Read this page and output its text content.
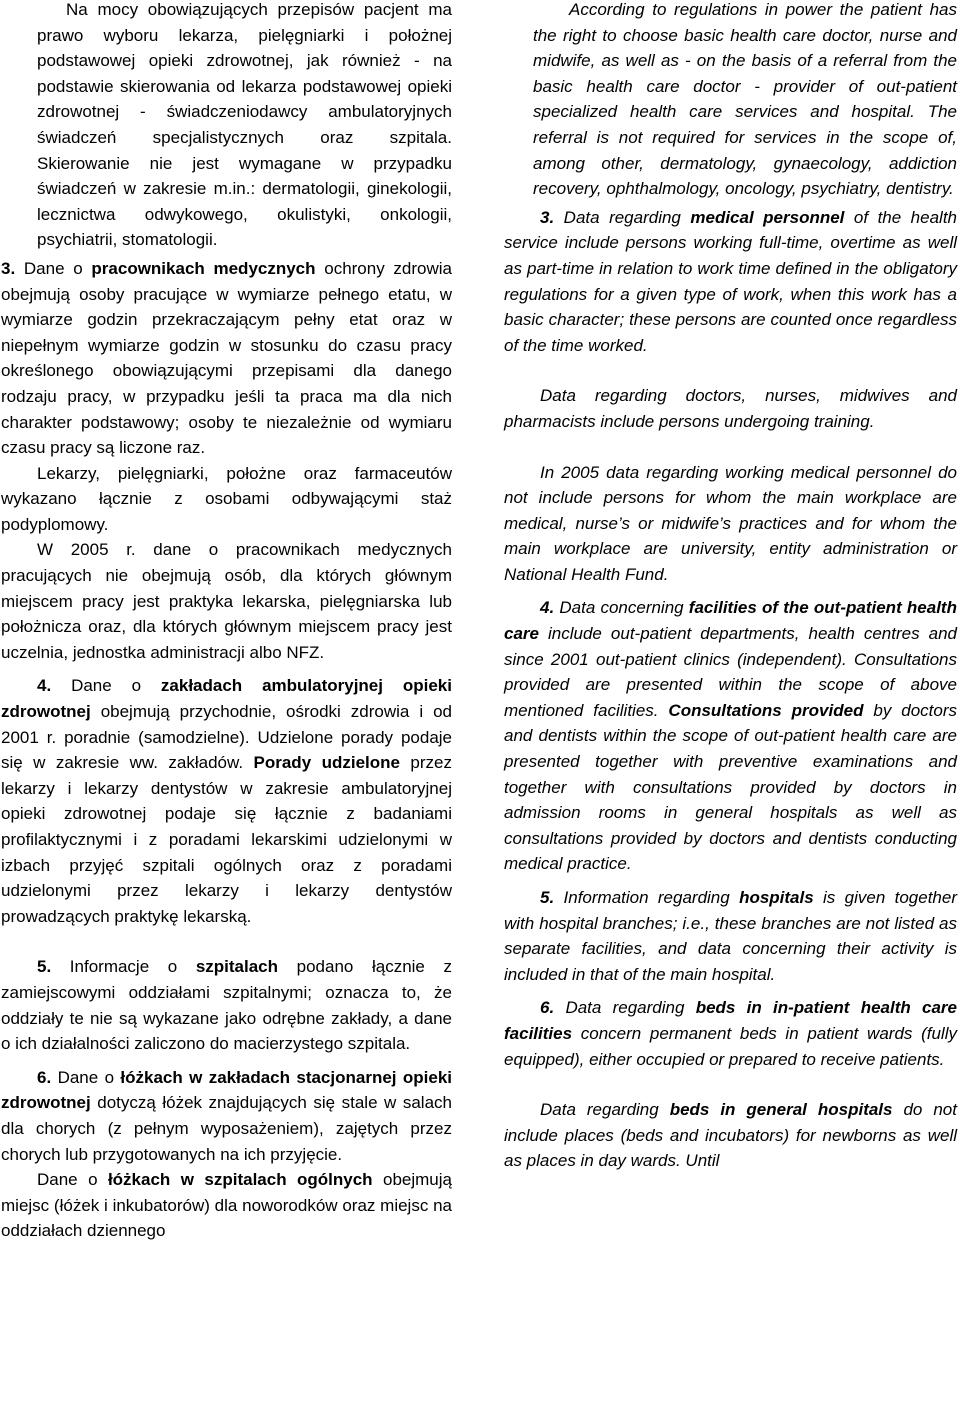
Na mocy obowiązujących przepisów pacjent ma prawo wyboru lekarza, pielęgniarki i położnej podstawowej opieki zdrowotnej, jak również - na podstawie skierowania od lekarza podstawowej opieki zdrowotnej - świadczeniodawcy ambulatoryjnych świadczeń specjalistycznych oraz szpitala. Skierowanie nie jest wymagane w przypadku świadczeń w zakresie m.in.: dermatologii, ginekologii, lecznictwa odwykowego, okulistyki, onkologii, psychiatrii, stomatologii.

3. Dane o pracownikach medycznych ochrony zdrowia obejmują osoby pracujące w wymiarze pełnego etatu, w wymiarze godzin przekraczającym pełny etat oraz w niepełnym wymiarze godzin w stosunku do czasu pracy określonego obowiązującymi przepisami dla danego rodzaju pracy, w przypadku jeśli ta praca ma dla nich charakter podstawowy; osoby te niezależnie od wymiaru czasu pracy są liczone raz.

Lekarzy, pielęgniarki, położne oraz farmaceutów wykazano łącznie z osobami odbywającymi staż podyplomowy.

W 2005 r. dane o pracownikach medycznych pracujących nie obejmują osób, dla których głównym miejscem pracy jest praktyka lekarska, pielęgniarska lub położnicza oraz, dla których głównym miejscem pracy jest uczelnia, jednostka administracji albo NFZ.

4. Dane o zakładach ambulatoryjnej opieki zdrowotnej obejmują przychodnie, ośrodki zdrowia i od 2001 r. poradnie (samodzielne). Udzielone porady podaje się w zakresie ww. zakładów. Porady udzielone przez lekarzy i lekarzy dentystów w zakresie ambulatoryjnej opieki zdrowotnej podaje się łącznie z badaniami profilaktycznymi i z poradami lekarskimi udzielonymi w izbach przyjęć szpitali ogólnych oraz z poradami udzielonymi przez lekarzy i lekarzy dentystów prowadzących praktykę lekarską.

5. Informacje o szpitalach podano łącznie z zamiejscowymi oddziałami szpitalnymi; oznacza to, że oddziały te nie są wykazane jako odrębne zakłady, a dane o ich działalności zaliczono do macierzystego szpitala.

6. Dane o łóżkach w zakładach stacjonarnej opieki zdrowotnej dotyczą łóżek znajdujących się stale w salach dla chorych (z pełnym wyposażeniem), zajętych przez chorych lub przygotowanych na ich przyjęcie.

Dane o łóżkach w szpitalach ogólnych obejmują miejsc (łóżek i inkubatorów) dla noworodków oraz miejsc na oddziałach dziennego

According to regulations in power the patient has the right to choose basic health care doctor, nurse and midwife, as well as - on the basis of a referral from the basic health care doctor - provider of out-patient specialized health care services and hospital. The referral is not required for services in the scope of, among other, dermatology, gynaecology, addiction recovery, ophthalmology, oncology, psychiatry, dentistry.

3. Data regarding medical personnel of the health service include persons working full-time, overtime as well as part-time in relation to work time defined in the obligatory regulations for a given type of work, when this work has a basic character; these persons are counted once regardless of the time worked.

Data regarding doctors, nurses, midwives and pharmacists include persons undergoing training.

In 2005 data regarding working medical personnel do not include persons for whom the main workplace are medical, nurse’s or midwife’s practices and for whom the main workplace are university, entity administration or National Health Fund.

4. Data concerning facilities of the out-patient health care include out-patient departments, health centres and since 2001 out-patient clinics (independent). Consultations provided are presented within the scope of above mentioned facilities. Consultations provided by doctors and dentists within the scope of out-patient health care are presented together with preventive examinations and together with consultations provided by doctors in admission rooms in general hospitals as well as consultations provided by doctors and dentists conducting medical practice.

5. Information regarding hospitals is given together with hospital branches; i.e., these branches are not listed as separate facilities, and data concerning their activity is included in that of the main hospital.

6. Data regarding beds in in-patient health care facilities concern permanent beds in patient wards (fully equipped), either occupied or prepared to receive patients.

Data regarding beds in general hospitals do not include places (beds and incubators) for newborns as well as places in day wards. Until
